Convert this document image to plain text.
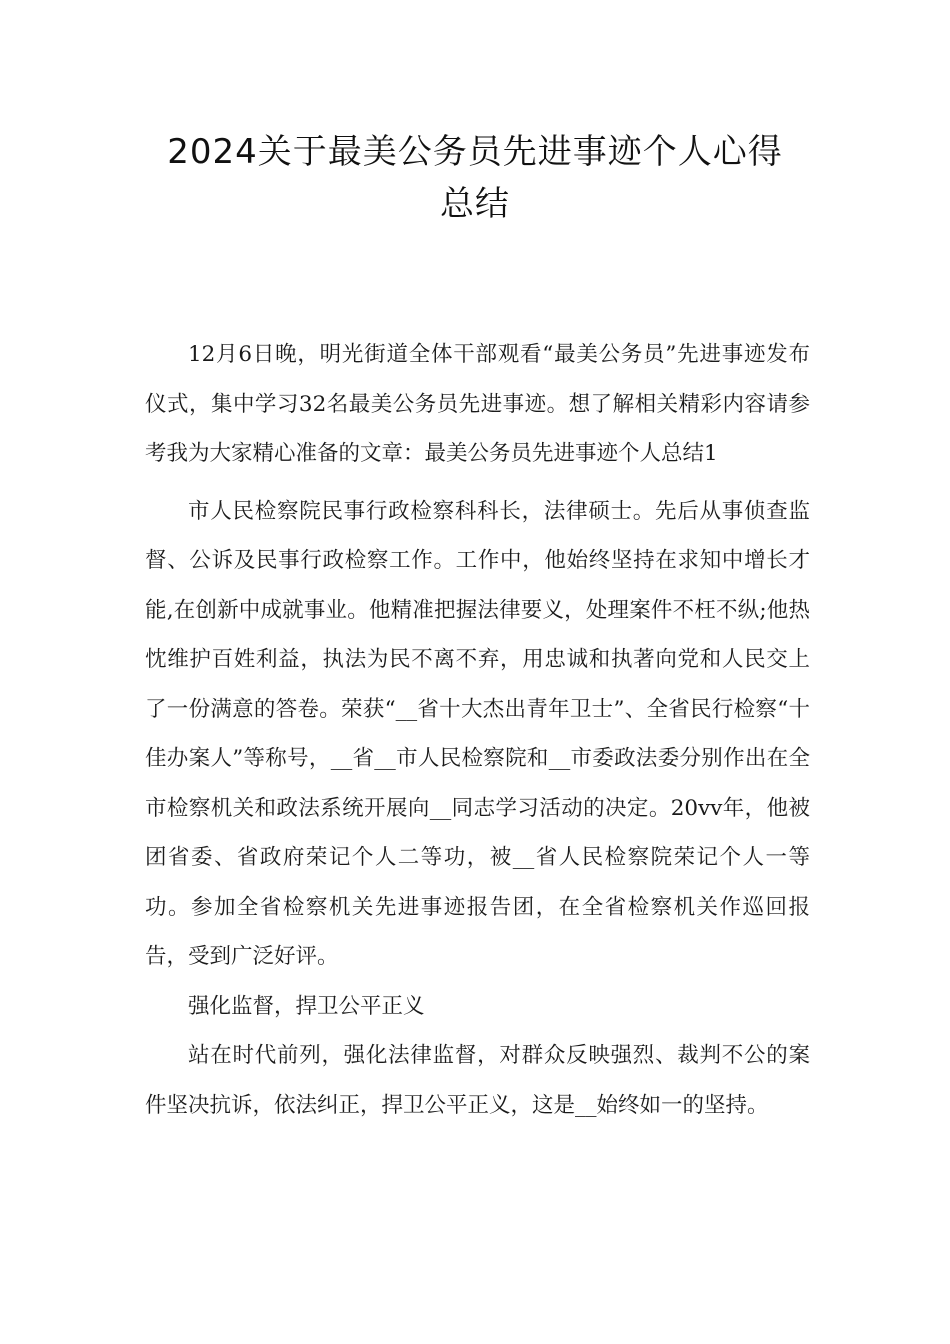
2024关于最美公务员先进事迹个人心得
总结

12月6日晚，明光街道全体干部观看“最美公务员”先进事迹发布仪式，集中学习32名最美公务员先进事迹。想了解相关精彩内容请参考我为大家精心准备的文章：最美公务员先进事迹个人总结1

市人民检察院民事行政检察科科长，法律硕士。先后从事侦查监督、公诉及民事行政检察工作。工作中，他始终坚持在求知中增长才能,在创新中成就事业。他精准把握法律要义，处理案件不枉不纵;他热忱维护百姓利益，执法为民不离不弃，用忠诚和执著向党和人民交上了一份满意的答卷。荣获“__省十大杰出青年卫士”、全省民行检察“十佳办案人”等称号，__省__市人民检察院和__市委政法委分别作出在全市检察机关和政法系统开展向__同志学习活动的决定。20vv年，他被团省委、省政府荣记个人二等功，被__省人民检察院荣记个人一等功。参加全省检察机关先进事迹报告团，在全省检察机关作巡回报告，受到广泛好评。

强化监督，捍卫公平正义

站在时代前列，强化法律监督，对群众反映强烈、裁判不公的案件坚决抗诉，依法纠正，捍卫公平正义，这是__始终如一的坚持。
